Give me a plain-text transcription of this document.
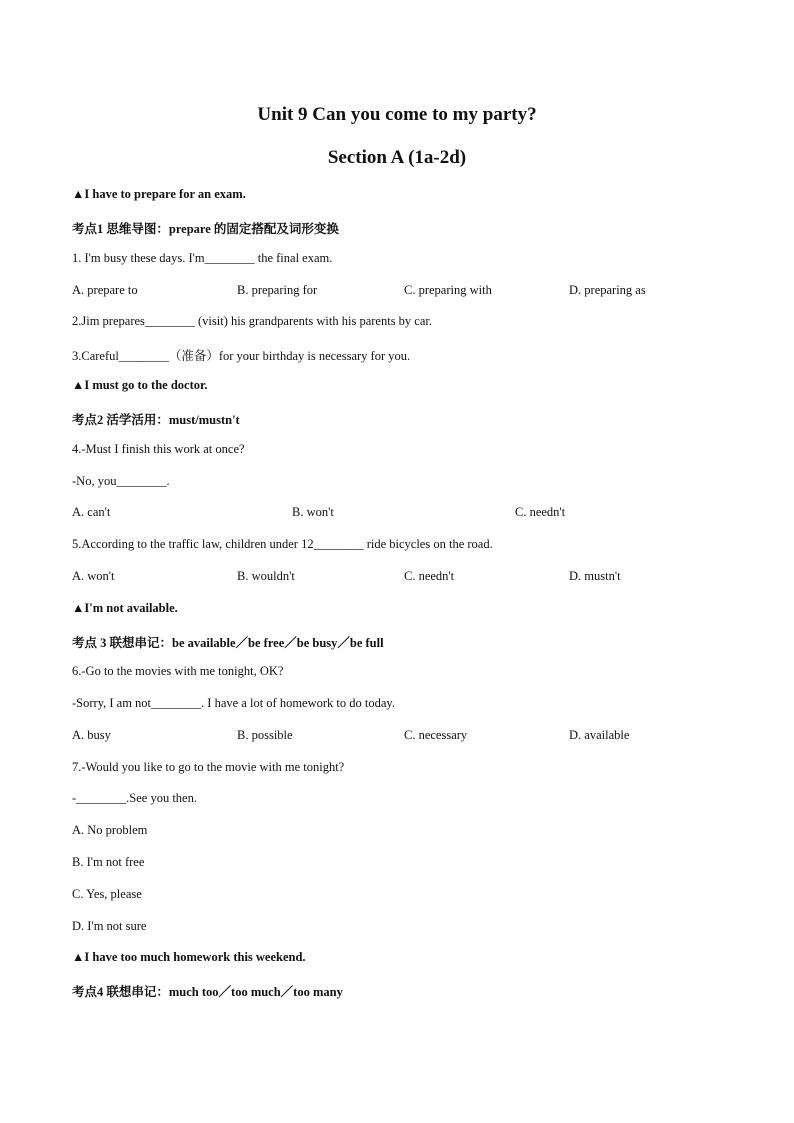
Unit 9 Can you come to my party?
Section A (1a-2d)
▲I have to prepare for an exam.
考点1 思维导图：prepare 的固定搭配及词形变换
1. I'm busy these days. I'm________ the final exam.
A. prepare to	B. preparing for	C. preparing with	D. preparing as
2.Jim prepares________ (visit) his grandparents with his parents by car.
3.Careful________（准备）for your birthday is necessary for you.
▲I must go to the doctor.
考点2 活学活用：must/mustn't
4.-Must I finish this work at once?
-No, you________.
A. can't	B. won't	C. needn't
5.According to the traffic law, children under 12________ ride bicycles on the road.
A. won't	B. wouldn't	C. needn't	D. mustn't
▲I'm not available.
考点 3 联想串记：be available／be free／be busy／be full
6.-Go to the movies with me tonight, OK?
-Sorry, I am not________. I have a lot of homework to do today.
A. busy	B. possible	C. necessary	D. available
7.-Would you like to go to the movie with me tonight?
-________.See you then.
A. No problem
B. I'm not free
C. Yes, please
D. I'm not sure
▲I have too much homework this weekend.
考点4 联想串记：much too／too much／too many
